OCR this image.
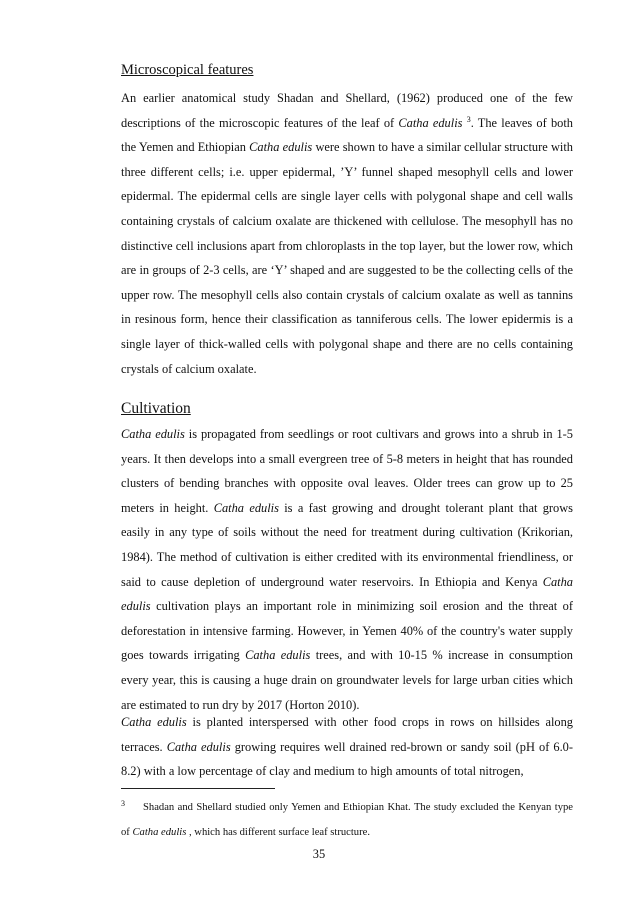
Microscopical features

An earlier anatomical study Shadan and Shellard, (1962) produced one of the few descriptions of the microscopic features of the leaf of Catha edulis $^3$. The leaves of both the Yemen and Ethiopian Catha edulis were shown to have a similar cellular structure with three different cells; i.e. upper epidermal, ’Y’ funnel shaped mesophyll cells and lower epidermal. The epidermal cells are single layer cells with polygonal shape and cell walls containing crystals of calcium oxalate are thickened with cellulose. The mesophyll has no distinctive cell inclusions apart from chloroplasts in the top layer, but the lower row, which are in groups of 2-3 cells, are ‘Y’ shaped and are suggested to be the collecting cells of the upper row. The mesophyll cells also contain crystals of calcium oxalate as well as tannins in resinous form, hence their classification as tanniferous cells. The lower epidermis is a single layer of thick-walled cells with polygonal shape and there are no cells containing crystals of calcium oxalate.

Cultivation

Catha edulis is propagated from seedlings or root cultivars and grows into a shrub in 1-5 years. It then develops into a small evergreen tree of 5-8 meters in height that has rounded clusters of bending branches with opposite oval leaves. Older trees can grow up to 25 meters in height. Catha edulis is a fast growing and drought tolerant plant that grows easily in any type of soils without the need for treatment during cultivation (Krikorian, 1984). The method of cultivation is either credited with its environmental friendliness, or said to cause depletion of underground water reservoirs. In Ethiopia and Kenya Catha edulis cultivation plays an important role in minimizing soil erosion and the threat of deforestation in intensive farming. However, in Yemen 40% of the country's water supply goes towards irrigating Catha edulis trees, and with 10-15 % increase in consumption every year, this is causing a huge drain on groundwater levels for large urban cities which are estimated to run dry by 2017 (Horton 2010).

Catha edulis is planted interspersed with other food crops in rows on hillsides along terraces. Catha edulis growing requires well drained red-brown or sandy soil (pH of 6.0-8.2) with a low percentage of clay and medium to high amounts of total nitrogen,

3 Shadan and Shellard studied only Yemen and Ethiopian Khat. The study excluded the Kenyan type of Catha edulis , which has different surface leaf structure.

35
